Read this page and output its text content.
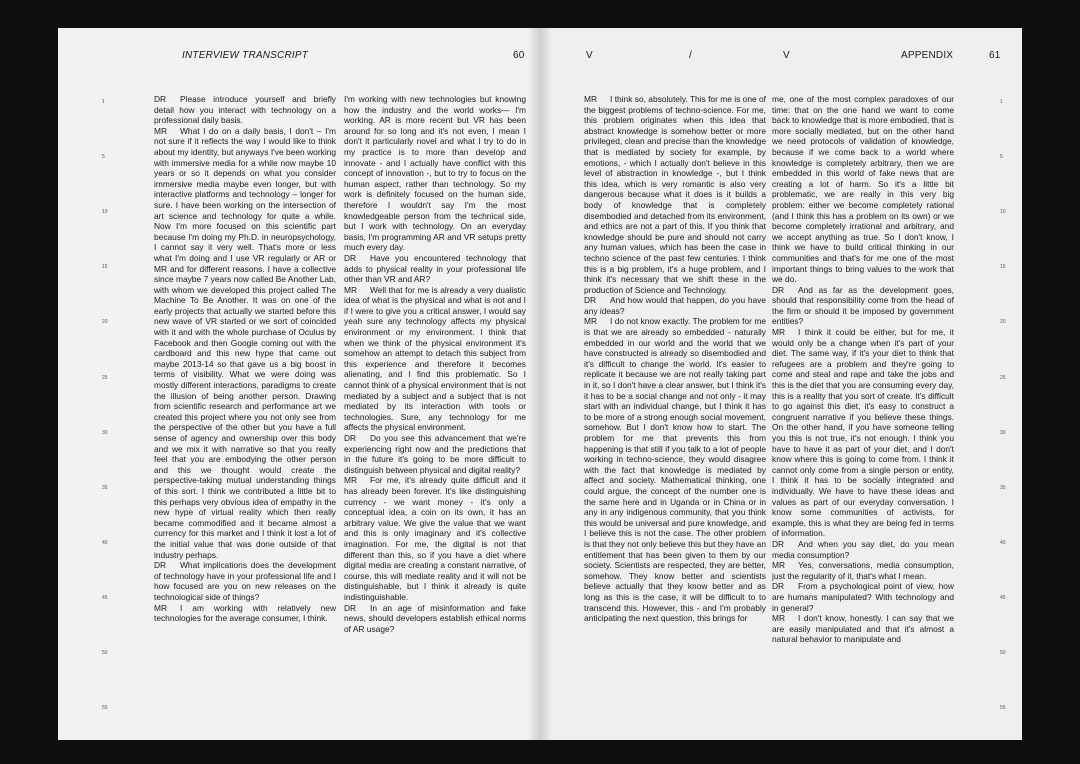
INTERVIEW TRANSCRIPT	60
1
5
10
15
20
25
30
35
40
45
50
55
DR Please introduce yourself and briefly detail how you interact with technology on a professional daily basis.
MR What I do on a daily basis, I don't – I'm not sure if it reflects the way I would like to think about my identity, but anyways I've been working with immersive media for a while now maybe 10 years or so it depends on what you consider immersive media maybe even longer, but with interactive platforms and technology – longer for sure. I have been working on the intersection of art science and technology for quite a while. Now I'm more focused on this scientific part because I'm doing my Ph.D. in neuropsychology, I cannot say it very well. That's more or less what I'm doing and I use VR regularly or AR or MR and for different reasons. I have a collective since maybe 7 years now called Be Another Lab, with whom we developed this project called The Machine To Be Another. It was on one of the early projects that actually we started before this new wave of VR started or we sort of coincided with it and with the whole purchase of Oculus by Facebook and then Google coming out with the cardboard and this new hype that came out maybe 2013-14 so that gave us a big boost in terms of visibility. What we were doing was mostly different interactions, paradigms to create the illusion of being another person. Drawing from scientific research and performance art we created this project where you not only see from the perspective of the other but you have a full sense of agency and ownership over this body and we mix it with narrative so that you really feel that you are embodying the other person and this we thought would create the perspective-taking mutual understanding things of this sort. I think we contributed a little bit to this perhaps very obvious idea of empathy in the new hype of virtual reality which then really became commodified and it became almost a currency for this market and I think it lost a lot of the initial value that was done outside of that industry perhaps.
DR What implications does the development of technology have in your professional life and I how focused are you on new releases on the technological side of things?
MR I am working with relatively new technologies for the average consumer, I think.
I'm working with new technologies but knowing how the industry and the world works— I'm working. AR is more recent but VR has been around for so long and it's not even, I mean I don't it particularly novel and what I try to do in my practice is to more than develop and innovate - and I actually have conflict with this concept of innovation -, but to try to focus on the human aspect, rather than technology. So my work is definitely focused on the human side, therefore I wouldn't say I'm the most knowledgeable person from the technical side, but I work with technology. On an everyday basis, I'm programming AR and VR setups pretty much every day.
DR Have you encountered technology that adds to physical reality in your professional life other than VR and AR?
MR Well that for me is already a very dualistic idea of what is the physical and what is not and I if I were to give you a critical answer, I would say yeah sure any technology affects my physical environment or my environment. I think that when we think of the physical environment it's somehow an attempt to detach this subject from this experience and therefore it becomes alienating, and I find this problematic. So I cannot think of a physical environment that is not mediated by a subject and a subject that is not mediated by its interaction with tools or technologies. Sure, any technology for me affects the physical environment.
DR Do you see this advancement that we're experiencing right now and the predictions that in the future it's going to be more difficult to distinguish between physical and digital reality?
MR For me, it's already quite difficult and it has already been forever. It's like distinguishing currency - we want money - it's only a conceptual idea, a coin on its own, it has an arbitrary value. We give the value that we want and this is only imaginary and it's collective imagination. For me, the digital is not that different than this, so if you have a diet where digital media are creating a constant narrative, of course, this will mediate reality and it will not be distinguishable, but I think it already is quite indistinguishable.
DR In an age of misinformation and fake news, should developers establish ethical norms of AR usage?
V	/	V	APPENDIX	61
1
5
10
15
20
25
30
35
40
45
50
55
MR I think so, absolutely. This for me is one of the biggest problems of techno-science. For me, this problem originates when this idea that abstract knowledge is somehow better or more privileged, clean and precise than the knowledge that is mediated by society for example, by emotions, - which I actually don't believe in this level of abstraction in knowledge -, but I think this idea, which is very romantic is also very dangerous because what it does is it builds a body of knowledge that is completely disembodied and detached from its environment, and ethics are not a part of this. If you think that knowledge should be pure and should not carry any human values, which has been the case in techno science of the past few centuries. I think this is a big problem, it's a huge problem, and I think it's necessary that we shift these in the production of Science and Technology.
DR And how would that happen, do you have any ideas?
MR I do not know exactly. The problem for me is that we are already so embedded - naturally embedded in our world and the world that we have constructed is already so disembodied and it's difficult to change the world. It's easier to replicate it because we are not really taking part in it, so I don't have a clear answer, but I think it's it has to be a social change and not only - it may start with an individual change, but I think it has to be more of a strong enough social movement, somehow. But I don't know how to start. The problem for me that prevents this from happening is that still if you talk to a lot of people working in techno-science, they would disagree with the fact that knowledge is mediated by affect and society. Mathematical thinking, one could argue, the concept of the number one is the same here and in Uganda or in China or in any in any indigenous community, that you think this would be universal and pure knowledge, and I believe this is not the case. The other problem is that they not only believe this but they have an entitlement that has been given to them by our society. Scientists are respected, they are better, somehow. They know better and scientists believe actually that they know better and as long as this is the case, it will be difficult to to transcend this. However, this - and I'm probably anticipating the next question, this brings for
me, one of the most complex paradoxes of our time: that on the one hand we want to come back to knowledge that is more embodied, that is more socially mediated, but on the other hand we need protocols of validation of knowledge, because if we come back to a world where knowledge is completely arbitrary, then we are embedded in this world of fake news that are creating a lot of harm. So it's a little bit problematic, we are really in this very big problem: either we become completely rational (and I think this has a problem on its own) or we become completely irrational and arbitrary, and we accept anything as true. So I don't know, I think we have to build critical thinking in our communities and that's for me one of the most important things to bring values to the work that we do.
DR And as far as the development goes, should that responsibility come from the head of the firm or should it be imposed by government entities?
MR I think it could be either, but for me, it would only be a change when it's part of your diet. The same way, if it's your diet to think that refugees are a problem and they're going to come and steal and rape and take the jobs and this is the diet that you are consuming every day, this is a reality that you sort of create. It's difficult to go against this diet, it's easy to construct a congruent narrative if you believe these things. On the other hand, if you have someone telling you this is not true, it's not enough. I think you have to have it as part of your diet, and I don't know where this is going to come from. I think it cannot only come from a single person or entity, I think it has to be socially integrated and individually. We have to have these ideas and values as part of our everyday conversation. I know some communities of activists, for example, this is what they are being fed in terms of information.
DR And when you say diet, do you mean media consumption?
MR Yes, conversations, media consumption, just the regularity of it, that's what I mean.
DR From a psychological point of view, how are humans manipulated? With technology and in general?
MR I don't know, honestly. I can say that we are easily manipulated and that it's almost a natural behavior to manipulate and
